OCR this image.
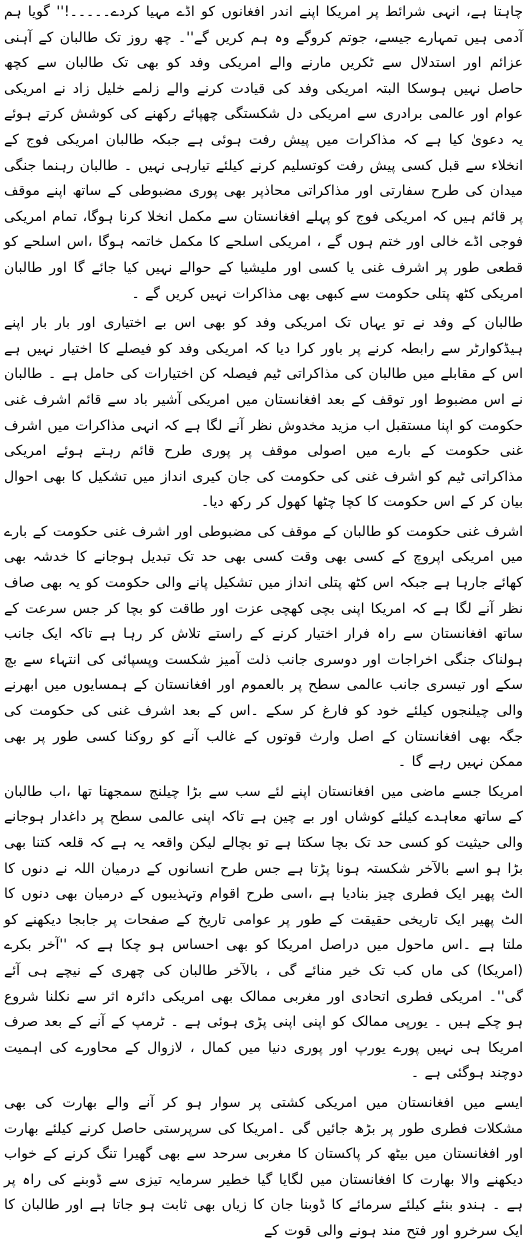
چاہتا ہے، انہی شرائط پر امریکا اپنے اندر افغانوں کو اڈے مہیا کردے۔۔۔۔۔!'' گویا ہم آدمی ہیں تمہارے جیسے، جوتم کروگے وہ ہم کریں گے''۔ چھ روز تک طالبان کے آہنی عزائم اور استدلال سے ٹکریں مارنے والے امریکی وفد کو بھی تک طالبان سے کچھ حاصل نہیں ہوسکا البتہ امریکی وفد کی قیادت کرنے والے زلمے خلیل زاد نے امریکی عوام اور عالمی برادری سے امریکی دل شکستگی چھپائے رکھنے کی کوشش کرتے ہوئے یہ دعویٰ کیا ہے کہ مذاکرات میں پیش رفت ہوئی ہے جبکہ طالبان امریکی فوج کے انخلاء سے قبل کسی پیش رفت کوتسلیم کرنے کیلئے تیارہی نہیں ۔ طالبان رہنما جنگی میدان کی طرح سفارتی اور مذاکراتی محاذپر بھی پوری مضبوطی کے ساتھ اپنے موقف پر قائم ہیں کہ امریکی فوج کو پہلے افغانستان سے مکمل انخلا کرنا ہوگا، تمام امریکی فوجی اڈے خالی اور ختم ہوں گے ، امریکی اسلحے کا مکمل خاتمہ ہوگا ،اس اسلحے کو قطعی طور پر اشرف غنی یا کسی اور ملیشیا کے حوالے نہیں کیا جائے گا اور طالبان امریکی کٹھ پتلی حکومت سے کبھی بھی مذاکرات نہیں کریں گے ۔

طالبان کے وفد نے تو یہاں تک امریکی وفد کو بھی اس بے اختیاری اور بار بار اپنے ہیڈکوارٹر سے رابطہ کرنے پر باور کرا دیا کہ امریکی وفد کو فیصلے کا اختیار نہیں ہے اس کے مقابلے میں طالبان کی مذاکراتی ٹیم فیصلہ کن اختیارات کی حامل ہے ۔ طالبان نے اس مضبوط اور توقف کے بعد افغانستان میں امریکی آشیر باد سے قائم اشرف غنی حکومت کو اپنا مستقبل اب مزید مخدوش نظر آنے لگا ہے کہ انہی مذاکرات میں اشرف غنی حکومت کے بارے میں اصولی موقف پر پوری طرح قائم رہتے ہوئے امریکی مذاکراتی ٹیم کو اشرف غنی کی حکومت کی جان کیری انداز میں تشکیل کا بھی احوال بیان کر کے اس حکومت کا کچا چٹھا کھول کر رکھ دیا۔

اشرف غنی حکومت کو طالبان کے موقف کی مضبوطی اور اشرف غنی حکومت کے بارے میں امریکی اپروچ کے کسی بھی وقت کسی بھی حد تک تبدیل ہوجانے کا خدشہ بھی کھائے جارہا ہے جبکہ اس کٹھ پتلی انداز میں تشکیل پانے والی حکومت کو یہ بھی صاف نظر آنے لگا ہے کہ امریکا اپنی بچی کھچی عزت اور طاقت کو بچا کر جس سرعت کے ساتھ افغانستان سے راہ فرار اختیار کرنے کے راستے تلاش کر رہا ہے تاکہ ایک جانب ہولناک جنگی اخراجات اور دوسری جانب ذلت آمیز شکست وپسپائی کی انتہاء سے بچ سکے اور تیسری جانب عالمی سطح پر بالعموم اور افغانستان کے ہمسایوں میں ابھرنے والی چیلنجوں کیلئے خود کو فارغ کر سکے ۔اس کے بعد اشرف غنی کی حکومت کی جگہ بھی افغانستان کے اصل وارث قوتوں کے غالب آنے کو روکنا کسی طور پر بھی ممکن نہیں رہے گا ۔

امریکا جسے ماضی میں افغانستان اپنے لئے سب سے بڑا چیلنج سمجھتا تھا ،اب طالبان کے ساتھ معاہدے کیلئے کوشاں اور بے چین ہے تاکہ اپنی عالمی سطح پر داغدار ہوجانے والی حیثیت کو کسی حد تک بچا سکتا ہے تو بچالے لیکن واقعہ یہ ہے کہ قلعہ کتنا بھی بڑا ہو اسے بالآخر شکستہ ہونا پڑتا ہے جس طرح انسانوں کے درمیان اللہ نے دنوں کا الٹ پھیر ایک فطری چیز بنادیا ہے ،اسی طرح اقوام وتہذیبوں کے درمیان بھی دنوں کا الٹ پھیر ایک تاریخی حقیقت کے طور پر عوامی تاریخ کے صفحات پر جابجا دیکھنے کو ملتا ہے ۔اس ماحول میں دراصل امریکا کو بھی احساس ہو چکا ہے کہ ''آخر بکرے (امریکا) کی ماں کب تک خیر منائے گی ، بالآخر طالبان کی چھری کے نیچے ہی آئے گی''۔ امریکی فطری اتحادی اور مغربی ممالک بھی امریکی دائرہ اثر سے نکلنا شروع ہو چکے ہیں ۔ یورپی ممالک کو اپنی اپنی پڑی ہوئی ہے ۔ ٹرمپ کے آنے کے بعد صرف امریکا ہی نہیں پورے یورپ اور پوری دنیا میں کمال ، لازوال کے محاورے کی اہمیت دوچند ہوگئی ہے ۔

ایسے میں افغانستان میں امریکی کشتی پر سوار ہو کر آنے والے بھارت کی بھی مشکلات فطری طور پر بڑھ جائیں گی ۔امریکا کی سرپرستی حاصل کرنے کیلئے بھارت اور افغانستان میں بیٹھ کر پاکستان کا مغربی سرحد سے بھی گھیرا تنگ کرنے کے خواب دیکھنے والا بھارت کا افغانستان میں لگایا گیا خطیر سرمایہ تیزی سے ڈوبنے کی راہ پر ہے ۔ ہندو بنئے کیلئے سرمائے کا ڈوبنا جان کا زیاں بھی ثابت ہو جاتا ہے اور طالبان کا ایک سرخرو اور فتح مند ہونے والی قوت کے
